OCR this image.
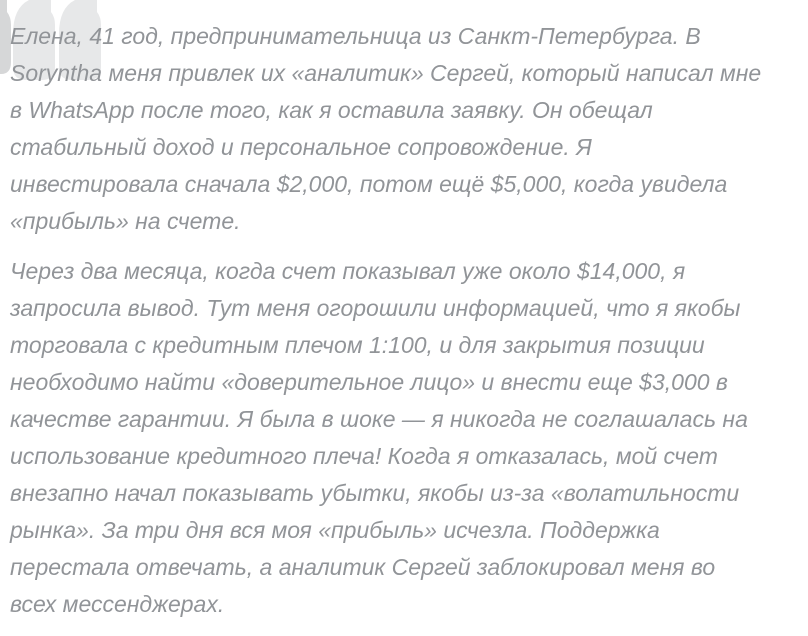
Елена, 41 год, предпринимательница из Санкт-Петербурга. В
Soryntha меня привлек их «аналитик» Сергей, который написал мне
в WhatsApp после того, как я оставила заявку. Он обещал
стабильный доход и персональное сопровождение. Я
инвестировала сначала $2,000, потом ещё $5,000, когда увидела
«прибыль» на счете.
Через два месяца, когда счет показывал уже около $14,000, я
запросила вывод. Тут меня огорошили информацией, что я якобы
торговала с кредитным плечом 1:100, и для закрытия позиции
необходимо найти «доверительное лицо» и внести еще $3,000 в
качестве гарантии. Я была в шоке — я никогда не соглашалась на
использование кредитного плеча! Когда я отказалась, мой счет
внезапно начал показывать убытки, якобы из-за «волатильности
рынка». За три дня вся моя «прибыль» исчезла. Поддержка
перестала отвечать, а аналитик Сергей заблокировал меня во
всех мессенджерах.
